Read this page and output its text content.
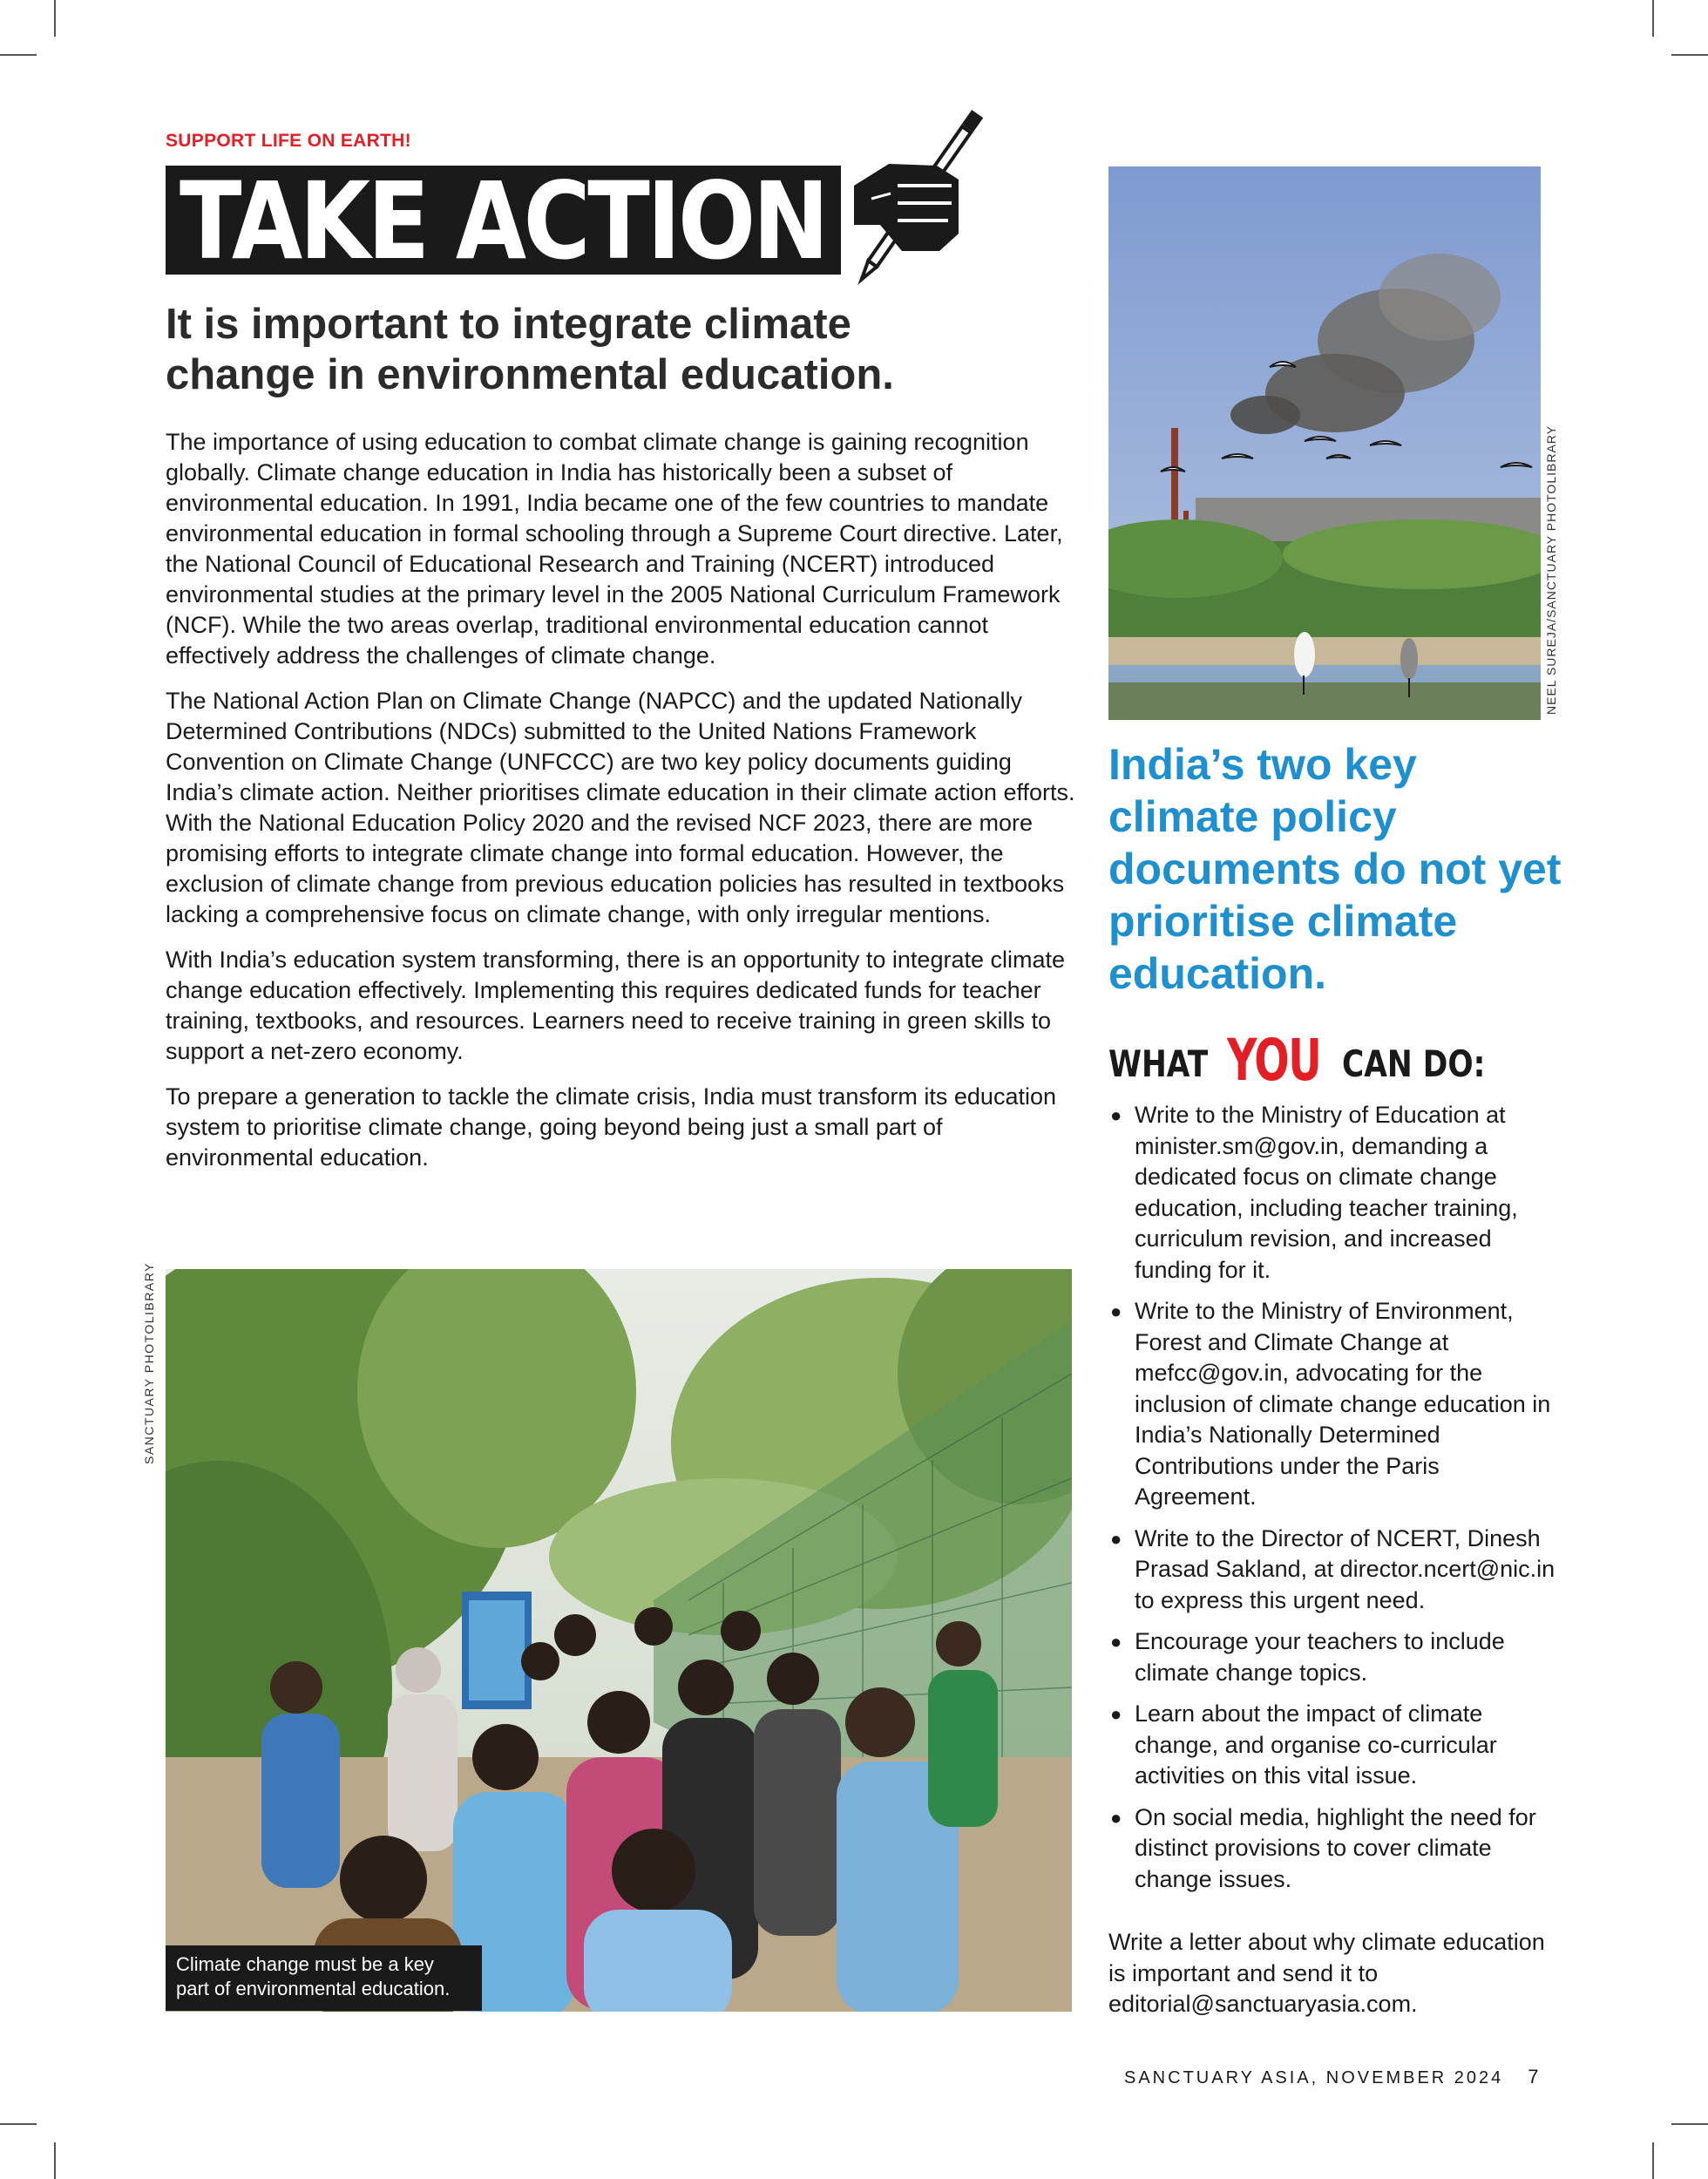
SUPPORT LIFE ON EARTH!
TAKE ACTION
It is important to integrate climate change in environmental education.

The importance of using education to combat climate change is gaining recognition globally. Climate change education in India has historically been a subset of environmental education. In 1991, India became one of the few countries to mandate environmental education in formal schooling through a Supreme Court directive. Later, the National Council of Educational Research and Training (NCERT) introduced environmental studies at the primary level in the 2005 National Curriculum Framework (NCF). While the two areas overlap, traditional environmental education cannot effectively address the challenges of climate change.

The National Action Plan on Climate Change (NAPCC) and the updated Nationally Determined Contributions (NDCs) submitted to the United Nations Framework Convention on Climate Change (UNFCCC) are two key policy documents guiding India’s climate action. Neither prioritises climate education in their climate action efforts. With the National Education Policy 2020 and the revised NCF 2023, there are more promising efforts to integrate climate change into formal education. However, the exclusion of climate change from previous education policies has resulted in textbooks lacking a comprehensive focus on climate change, with only irregular mentions.

With India’s education system transforming, there is an opportunity to integrate climate change education effectively. Implementing this requires dedicated funds for teacher training, textbooks, and resources. Learners need to receive training in green skills to support a net-zero economy.

To prepare a generation to tackle the climate crisis, India must transform its education system to prioritise climate change, going beyond being just a small part of environmental education.

SANCTUARY PHOTOLIBRARY
Climate change must be a key part of environmental education.
NEEL SUREJA/SANCTUARY PHOTOLIBRARY
India’s two key climate policy documents do not yet prioritise climate education.
WHAT YOU CAN DO:
● Write to the Ministry of Education at minister.sm@gov.in, demanding a dedicated focus on climate change education, including teacher training, curriculum revision, and increased funding for it.
● Write to the Ministry of Environment, Forest and Climate Change at mefcc@gov.in, advocating for the inclusion of climate change education in India’s Nationally Determined Contributions under the Paris Agreement.
● Write to the Director of NCERT, Dinesh Prasad Sakland, at director.ncert@nic.in to express this urgent need.
● Encourage your teachers to include climate change topics.
● Learn about the impact of climate change, and organise co-curricular activities on this vital issue.
● On social media, highlight the need for distinct provisions to cover climate change issues.
Write a letter about why climate education is important and send it to editorial@sanctuaryasia.com.
SANCTUARY ASIA, NOVEMBER 2024 7
